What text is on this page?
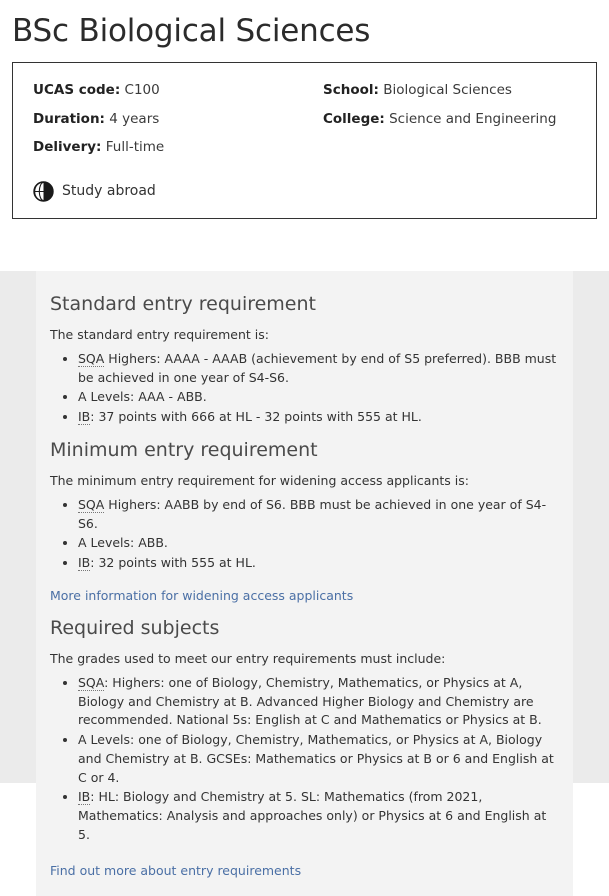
BSc Biological Sciences
UCAS code: C100
Duration: 4 years
Delivery: Full-time
School: Biological Sciences
College: Science and Engineering
Study abroad
Standard entry requirement

The standard entry requirement is:

• SQA Highers: AAAA - AAAB (achievement by end of S5 preferred). BBB must be achieved in one year of S4-S6.
• A Levels: AAA - ABB.
• IB: 37 points with 666 at HL - 32 points with 555 at HL.
Minimum entry requirement

The minimum entry requirement for widening access applicants is:

• SQA Highers: AABB by end of S6. BBB must be achieved in one year of S4-S6.
• A Levels: ABB.
• IB: 32 points with 555 at HL.
More information for widening access applicants
Required subjects

The grades used to meet our entry requirements must include:

• SQA: Highers: one of Biology, Chemistry, Mathematics, or Physics at A, Biology and Chemistry at B. Advanced Higher Biology and Chemistry are recommended. National 5s: English at C and Mathematics or Physics at B.
• A Levels: one of Biology, Chemistry, Mathematics, or Physics at A, Biology and Chemistry at B. GCSEs: Mathematics or Physics at B or 6 and English at C or 4.
• IB: HL: Biology and Chemistry at 5. SL: Mathematics (from 2021, Mathematics: Analysis and approaches only) or Physics at 6 and English at 5.
Find out more about entry requirements
